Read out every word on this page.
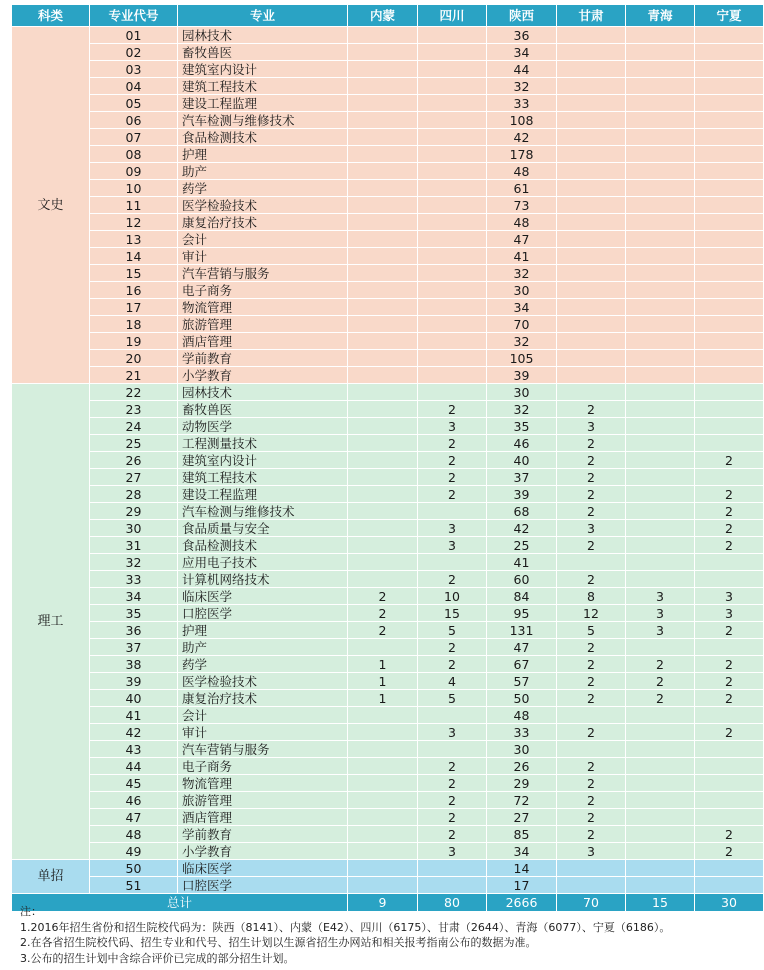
科类	专业代号	专业	内蒙	四川	陕西	甘肃	青海	宁夏
文史	01	园林技术			36			
	02	畜牧兽医			34			
	03	建筑室内设计			44			
	04	建筑工程技术			32			
	05	建设工程监理			33			
	06	汽车检测与维修技术			108			
	07	食品检测技术			42			
	08	护理			178			
	09	助产			48			
	10	药学			61			
	11	医学检验技术			73			
	12	康复治疗技术			48			
	13	会计			47			
	14	审计			41			
	15	汽车营销与服务			32			
	16	电子商务			30			
	17	物流管理			34			
	18	旅游管理			70			
	19	酒店管理			32			
	20	学前教育			105			
	21	小学教育			39			
理工	22	园林技术			30			
	23	畜牧兽医		2	32	2		
	24	动物医学		3	35	3		
	25	工程测量技术		2	46	2		
	26	建筑室内设计		2	40	2		2
	27	建筑工程技术		2	37	2		
	28	建设工程监理		2	39	2		2
	29	汽车检测与维修技术			68	2		2
	30	食品质量与安全		3	42	3		2
	31	食品检测技术		3	25	2		2
	32	应用电子技术			41			
	33	计算机网络技术		2	60	2		
	34	临床医学	2	10	84	8	3	3
	35	口腔医学	2	15	95	12	3	3
	36	护理	2	5	131	5	3	2
	37	助产		2	47	2		
	38	药学	1	2	67	2	2	2
	39	医学检验技术	1	4	57	2	2	2
	40	康复治疗技术	1	5	50	2	2	2
	41	会计			48			
	42	审计		3	33	2		2
	43	汽车营销与服务			30			
	44	电子商务		2	26	2		
	45	物流管理		2	29	2		
	46	旅游管理		2	72	2		
	47	酒店管理		2	27	2		
	48	学前教育		2	85	2		2
	49	小学教育		3	34	3		2
单招	50	临床医学			14			
	51	口腔医学			17			
总计			9	80	2666	70	15	30
注：
1.2016年招生省份和招生院校代码为：陕西（8141）、内蒙（E42）、四川（6175）、甘肃（2644）、青海（6077）、宁夏（6186）。
2.在各省招生院校代码、招生专业和代号、招生计划以生源省招生办网站和相关报考指南公布的数据为准。
3.公布的招生计划中含综合评价已完成的部分招生计划。
